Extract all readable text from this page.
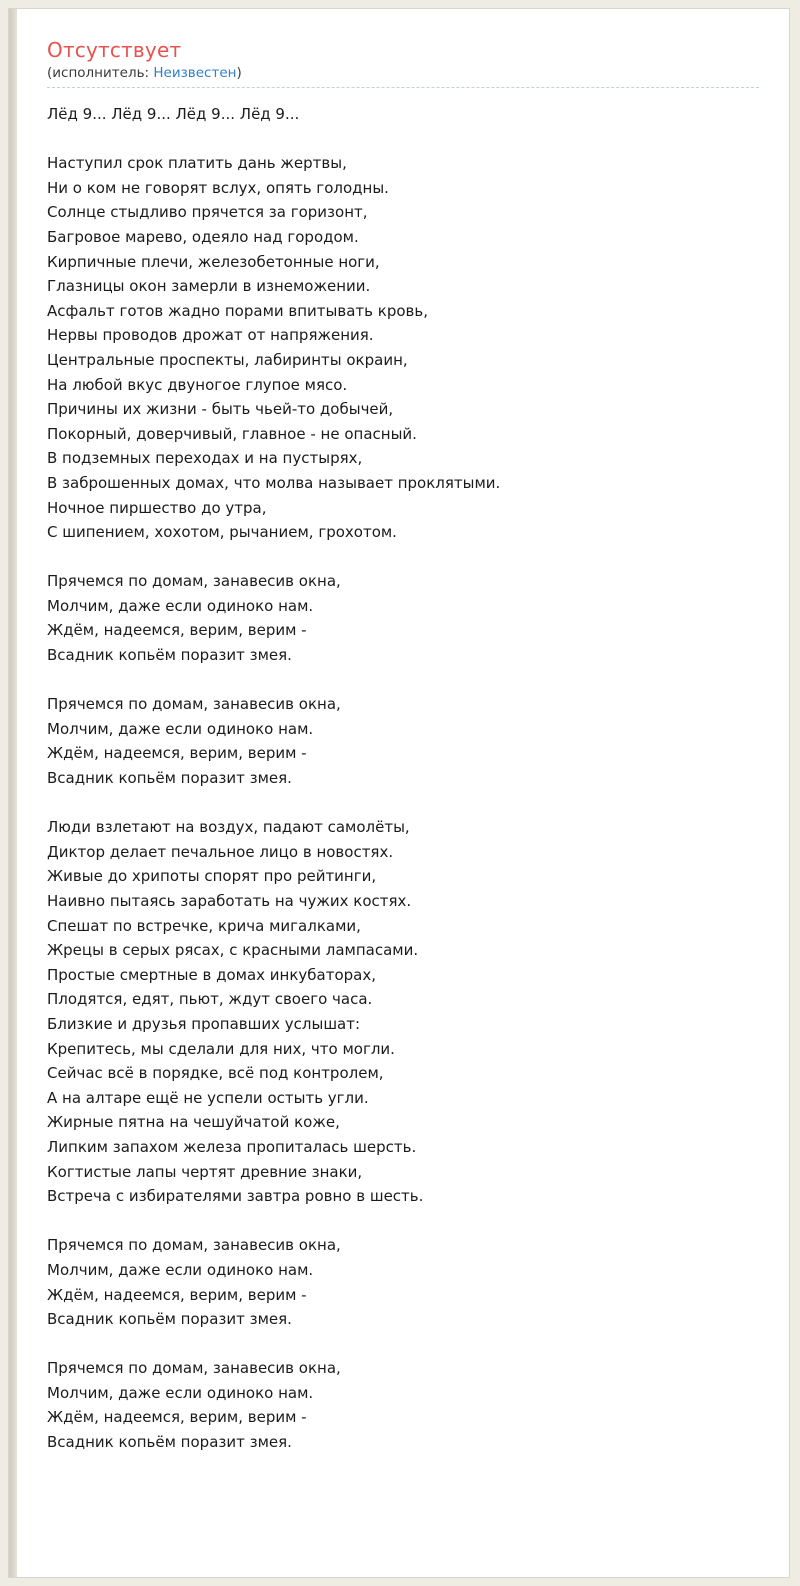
Отсутствует
(исполнитель: Неизвестен)

Лёд 9... Лёд 9... Лёд 9... Лёд 9...

Наступил срок платить дань жертвы,
Ни о ком не говорят вслух, опять голодны.
Солнце стыдливо прячется за горизонт,
Багровое марево, одеяло над городом.
Кирпичные плечи, железобетонные ноги,
Глазницы окон замерли в изнеможении.
Асфальт готов жадно порами впитывать кровь,
Нервы проводов дрожат от напряжения.
Центральные проспекты, лабиринты окраин,
На любой вкус двуногое глупое мясо.
Причины их жизни - быть чьей-то добычей,
Покорный, доверчивый, главное - не опасный.
В подземных переходах и на пустырях,
В заброшенных домах, что молва называет проклятыми.
Ночное пиршество до утра,
С шипением, хохотом, рычанием, грохотом.

Прячемся по домам, занавесив окна,
Молчим, даже если одиноко нам.
Ждём, надеемся, верим, верим -
Всадник копьём поразит змея.

Прячемся по домам, занавесив окна,
Молчим, даже если одиноко нам.
Ждём, надеемся, верим, верим -
Всадник копьём поразит змея.

Люди взлетают на воздух, падают самолёты,
Диктор делает печальное лицо в новостях.
Живые до хрипоты спорят про рейтинги,
Наивно пытаясь заработать на чужих костях.
Спешат по встречке, крича мигалками,
Жрецы в серых рясах, с красными лампасами.
Простые смертные в домах инкубаторах,
Плодятся, едят, пьют, ждут своего часа.
Близкие и друзья пропавших услышат:
Крепитесь, мы сделали для них, что могли.
Сейчас всё в порядке, всё под контролем,
А на алтаре ещё не успели остыть угли.
Жирные пятна на чешуйчатой коже,
Липким запахом железа пропиталась шерсть.
Когтистые лапы чертят древние знаки,
Встреча с избирателями завтра ровно в шесть.

Прячемся по домам, занавесив окна,
Молчим, даже если одиноко нам.
Ждём, надеемся, верим, верим -
Всадник копьём поразит змея.

Прячемся по домам, занавесив окна,
Молчим, даже если одиноко нам.
Ждём, надеемся, верим, верим -
Всадник копьём поразит змея.
